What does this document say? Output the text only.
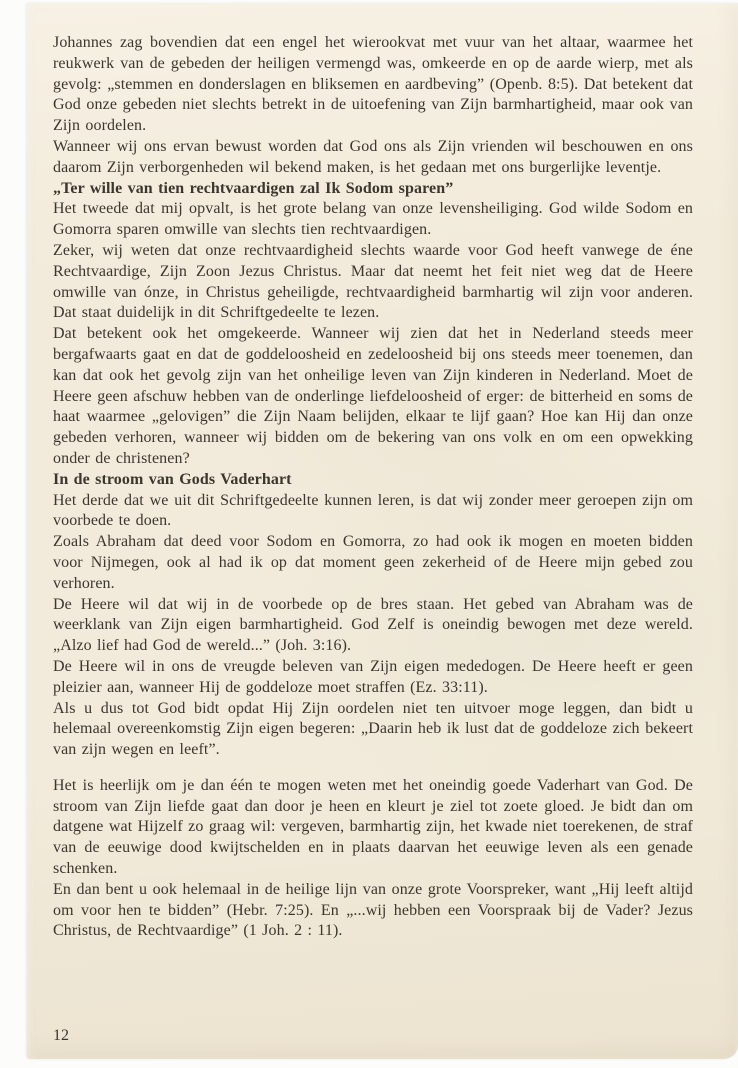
Johannes zag bovendien dat een engel het wierookvat met vuur van het altaar, waarmee het reukwerk van de gebeden der heiligen vermengd was, omkeerde en op de aarde wierp, met als gevolg: „stemmen en donderslagen en bliksemen en aardbeving” (Openb. 8:5). Dat betekent dat God onze gebeden niet slechts betrekt in de uitoefening van Zijn barmhartigheid, maar ook van Zijn oordelen.

Wanneer wij ons ervan bewust worden dat God ons als Zijn vrienden wil beschouwen en ons daarom Zijn verborgenheden wil bekend maken, is het gedaan met ons burgerlijke leventje.

„Ter wille van tien rechtvaardigen zal Ik Sodom sparen”

Het tweede dat mij opvalt, is het grote belang van onze levensheiliging. God wilde Sodom en Gomorra sparen omwille van slechts tien rechtvaardigen.

Zeker, wij weten dat onze rechtvaardigheid slechts waarde voor God heeft vanwege de éne Rechtvaardige, Zijn Zoon Jezus Christus. Maar dat neemt het feit niet weg dat de Heere omwille van ónze, in Christus geheiligde, rechtvaardigheid barmhartig wil zijn voor anderen. Dat staat duidelijk in dit Schriftgedeelte te lezen.

Dat betekent ook het omgekeerde. Wanneer wij zien dat het in Nederland steeds meer bergafwaarts gaat en dat de goddeloosheid en zedeloosheid bij ons steeds meer toenemen, dan kan dat ook het gevolg zijn van het onheilige leven van Zijn kinderen in Nederland. Moet de Heere geen afschuw hebben van de onderlinge liefdeloosheid of erger: de bitterheid en soms de haat waarmee „gelovigen” die Zijn Naam belijden, elkaar te lijf gaan? Hoe kan Hij dan onze gebeden verhoren, wanneer wij bidden om de bekering van ons volk en om een opwekking onder de christenen?

In de stroom van Gods Vaderhart

Het derde dat we uit dit Schriftgedeelte kunnen leren, is dat wij zonder meer geroepen zijn om voorbede te doen.

Zoals Abraham dat deed voor Sodom en Gomorra, zo had ook ik mogen en moeten bidden voor Nijmegen, ook al had ik op dat moment geen zekerheid of de Heere mijn gebed zou verhoren.

De Heere wil dat wij in de voorbede op de bres staan. Het gebed van Abraham was de weerklank van Zijn eigen barmhartigheid. God Zelf is oneindig bewogen met deze wereld. „Alzo lief had God de wereld...” (Joh. 3:16).

De Heere wil in ons de vreugde beleven van Zijn eigen mededogen. De Heere heeft er geen pleizier aan, wanneer Hij de goddeloze moet straffen (Ez. 33:11).

Als u dus tot God bidt opdat Hij Zijn oordelen niet ten uitvoer moge leggen, dan bidt u helemaal overeenkomstig Zijn eigen begeren: „Daarin heb ik lust dat de goddeloze zich bekeert van zijn wegen en leeft”.

Het is heerlijk om je dan één te mogen weten met het oneindig goede Vaderhart van God. De stroom van Zijn liefde gaat dan door je heen en kleurt je ziel tot zoete gloed. Je bidt dan om datgene wat Hijzelf zo graag wil: vergeven, barmhartig zijn, het kwade niet toerekenen, de straf van de eeuwige dood kwijtschelden en in plaats daarvan het eeuwige leven als een genade schenken.

En dan bent u ook helemaal in de heilige lijn van onze grote Voorspreker, want „Hij leeft altijd om voor hen te bidden” (Hebr. 7:25). En „...wij hebben een Voorspraak bij de Vader? Jezus Christus, de Rechtvaardige” (1 Joh. 2 : 11).

12
